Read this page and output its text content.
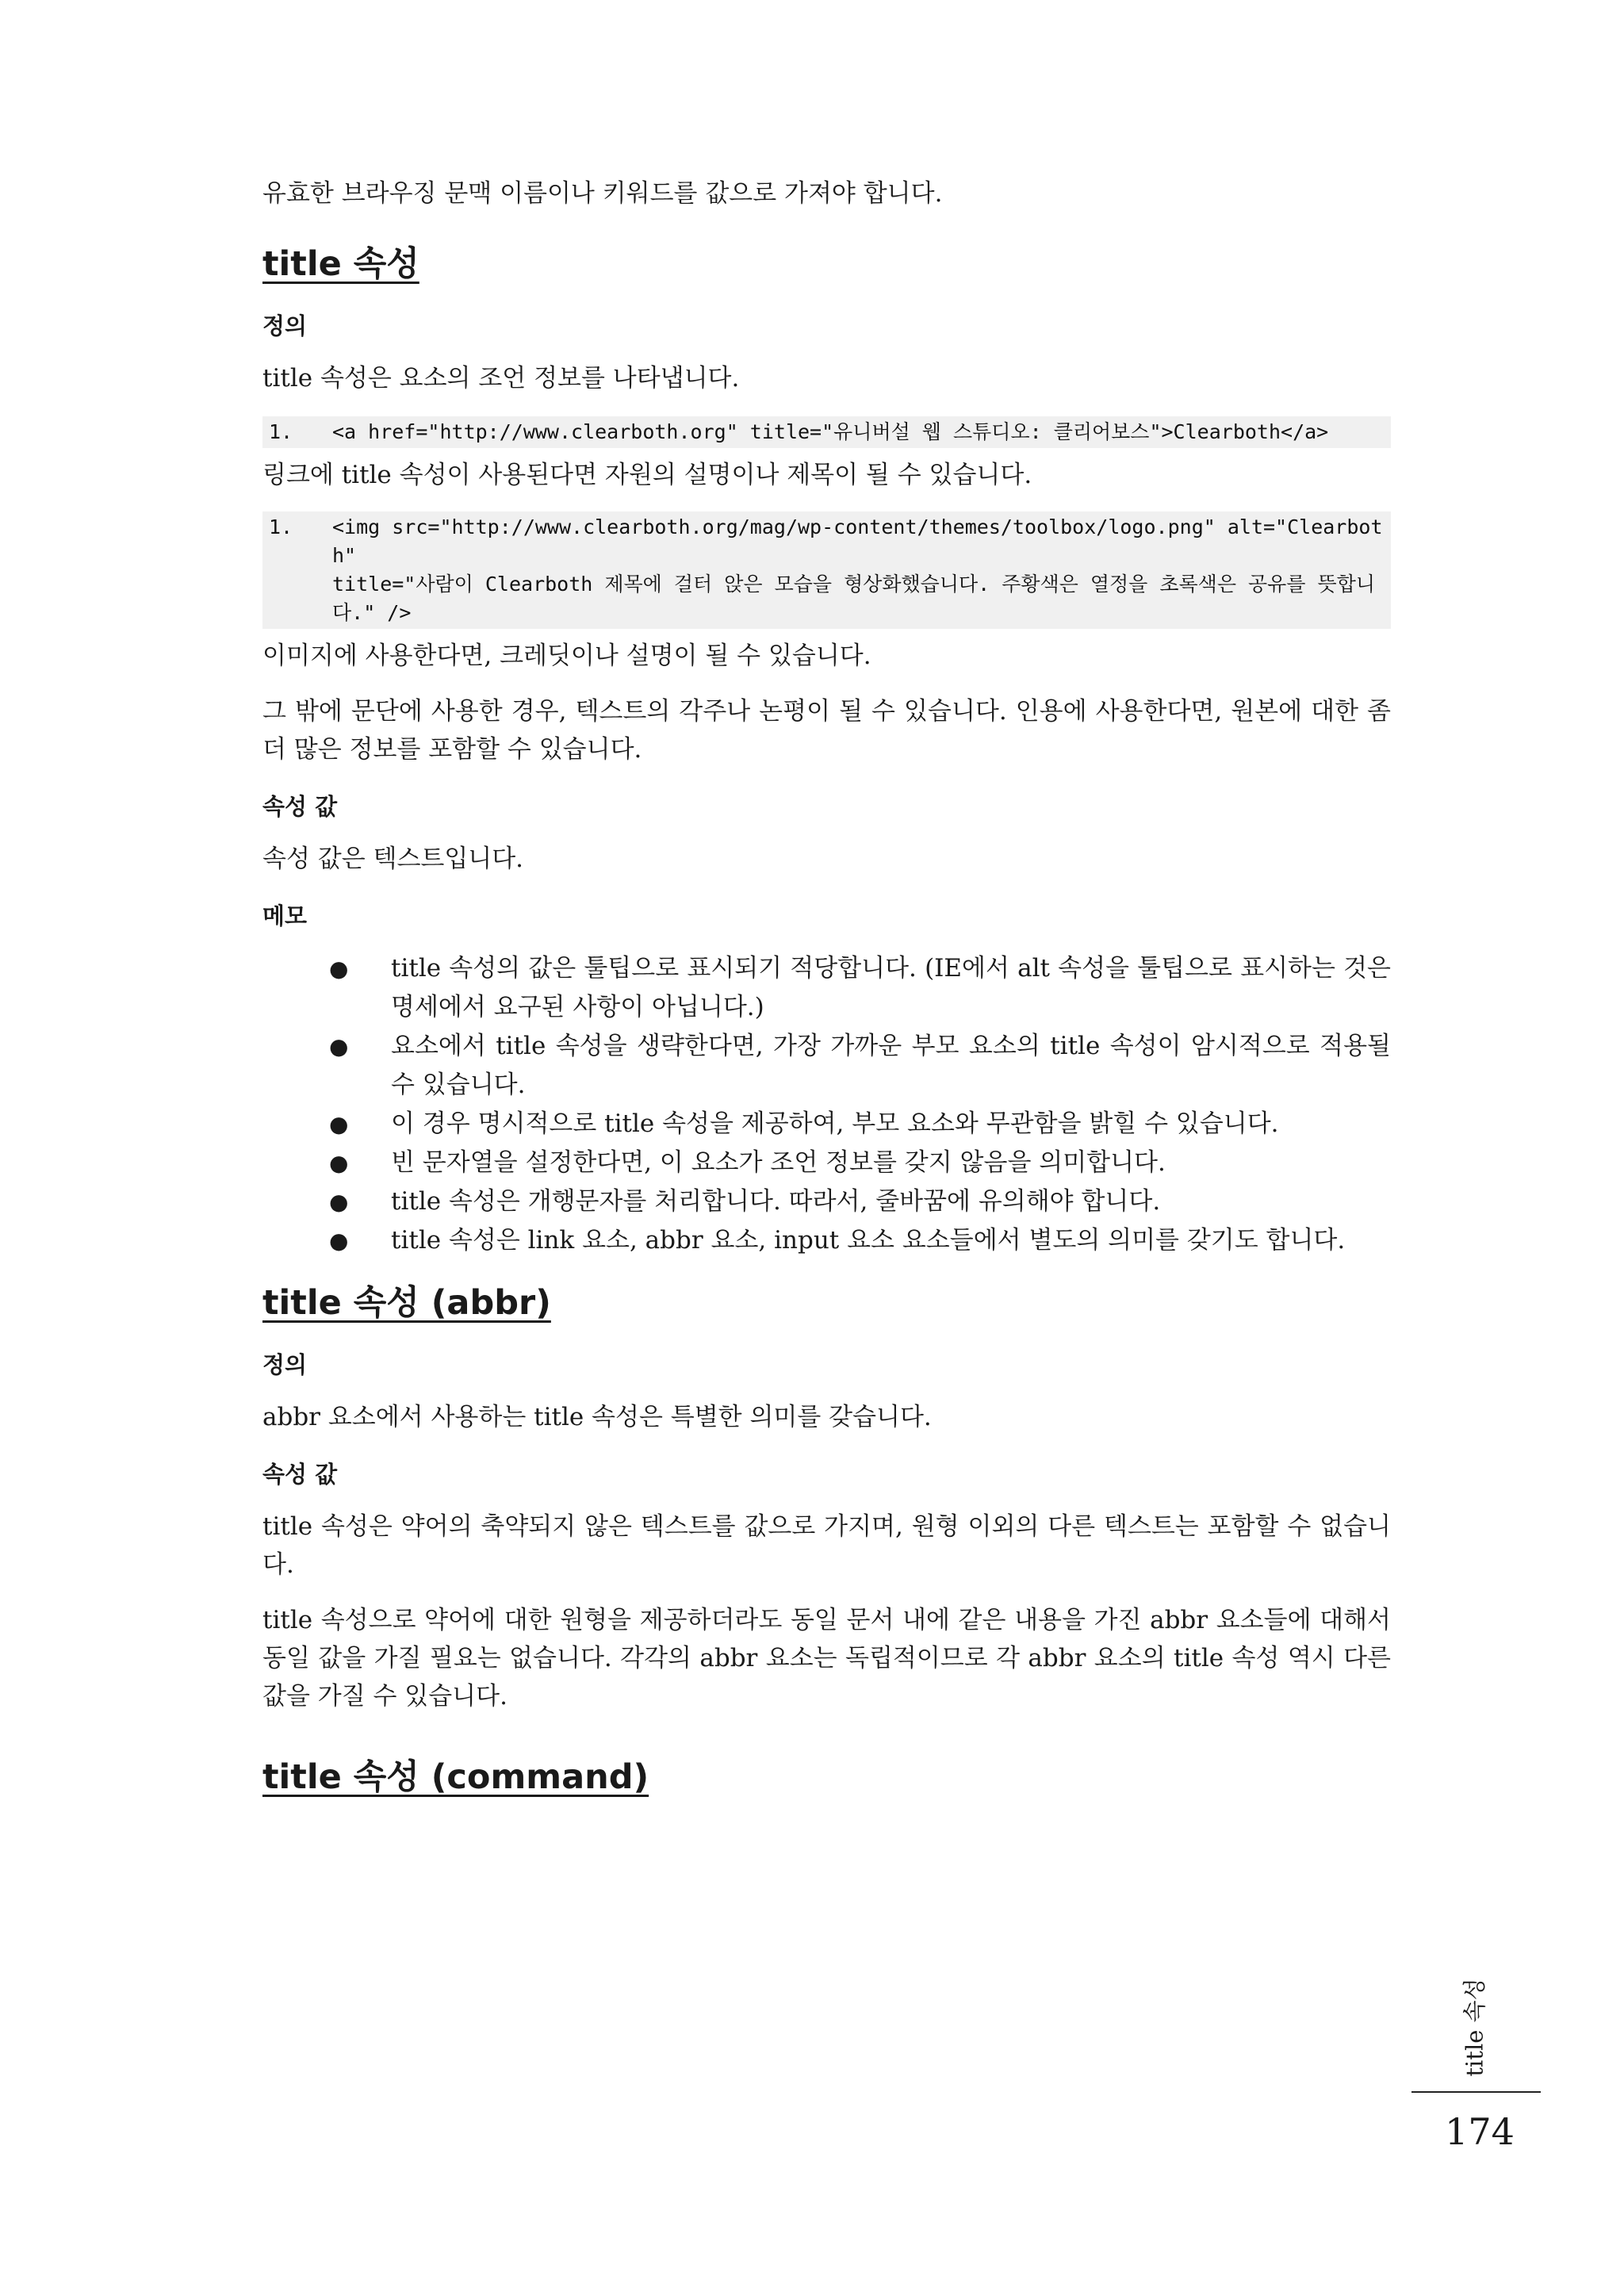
유효한 브라우징 문맥 이름이나 키워드를 값으로 가져야 합니다.

title 속성
정의

title 속성은 요소의 조언 정보를 나타냅니다.

1.	<a href="http://www.clearboth.org" title="유니버설 웹 스튜디오: 클리어보스">Clearboth</a>

링크에 title 속성이 사용된다면 자원의 설명이나 제목이 될 수 있습니다.

1.	<img src="http://www.clearboth.org/mag/wp-content/themes/toolbox/logo.png" alt="Clearboth"
title="사람이 Clearboth 제목에 걸터 앉은 모습을 형상화했습니다. 주황색은 열정을 초록색은 공유를 뜻합니다." />

이미지에 사용한다면, 크레딧이나 설명이 될 수 있습니다.

그 밖에 문단에 사용한 경우, 텍스트의 각주나 논평이 될 수 있습니다. 인용에 사용한다면, 원본에 대한 좀 더 많은 정보를 포함할 수 있습니다.

속성 값

속성 값은 텍스트입니다.

메모
● title 속성의 값은 툴팁으로 표시되기 적당합니다. (IE에서 alt 속성을 툴팁으로 표시하는 것은 명세에서 요구된 사항이 아닙니다.)
● 요소에서 title 속성을 생략한다면, 가장 가까운 부모 요소의 title 속성이 암시적으로 적용될 수 있습니다.
● 이 경우 명시적으로 title 속성을 제공하여, 부모 요소와 무관함을 밝힐 수 있습니다.
● 빈 문자열을 설정한다면, 이 요소가 조언 정보를 갖지 않음을 의미합니다.
● title 속성은 개행문자를 처리합니다. 따라서, 줄바꿈에 유의해야 합니다.
● title 속성은 link 요소, abbr 요소, input 요소 요소들에서 별도의 의미를 갖기도 합니다.
title 속성 (abbr)
정의

abbr 요소에서 사용하는 title 속성은 특별한 의미를 갖습니다.

속성 값

title 속성은 약어의 축약되지 않은 텍스트를 값으로 가지며, 원형 이외의 다른 텍스트는 포함할 수 없습니다.

title 속성으로 약어에 대한 원형을 제공하더라도 동일 문서 내에 같은 내용을 가진 abbr 요소들에 대해서 동일 값을 가질 필요는 없습니다. 각각의 abbr 요소는 독립적이므로 각 abbr 요소의 title 속성 역시 다른 값을 가질 수 있습니다.

title 속성 (command)
title 속성
174
